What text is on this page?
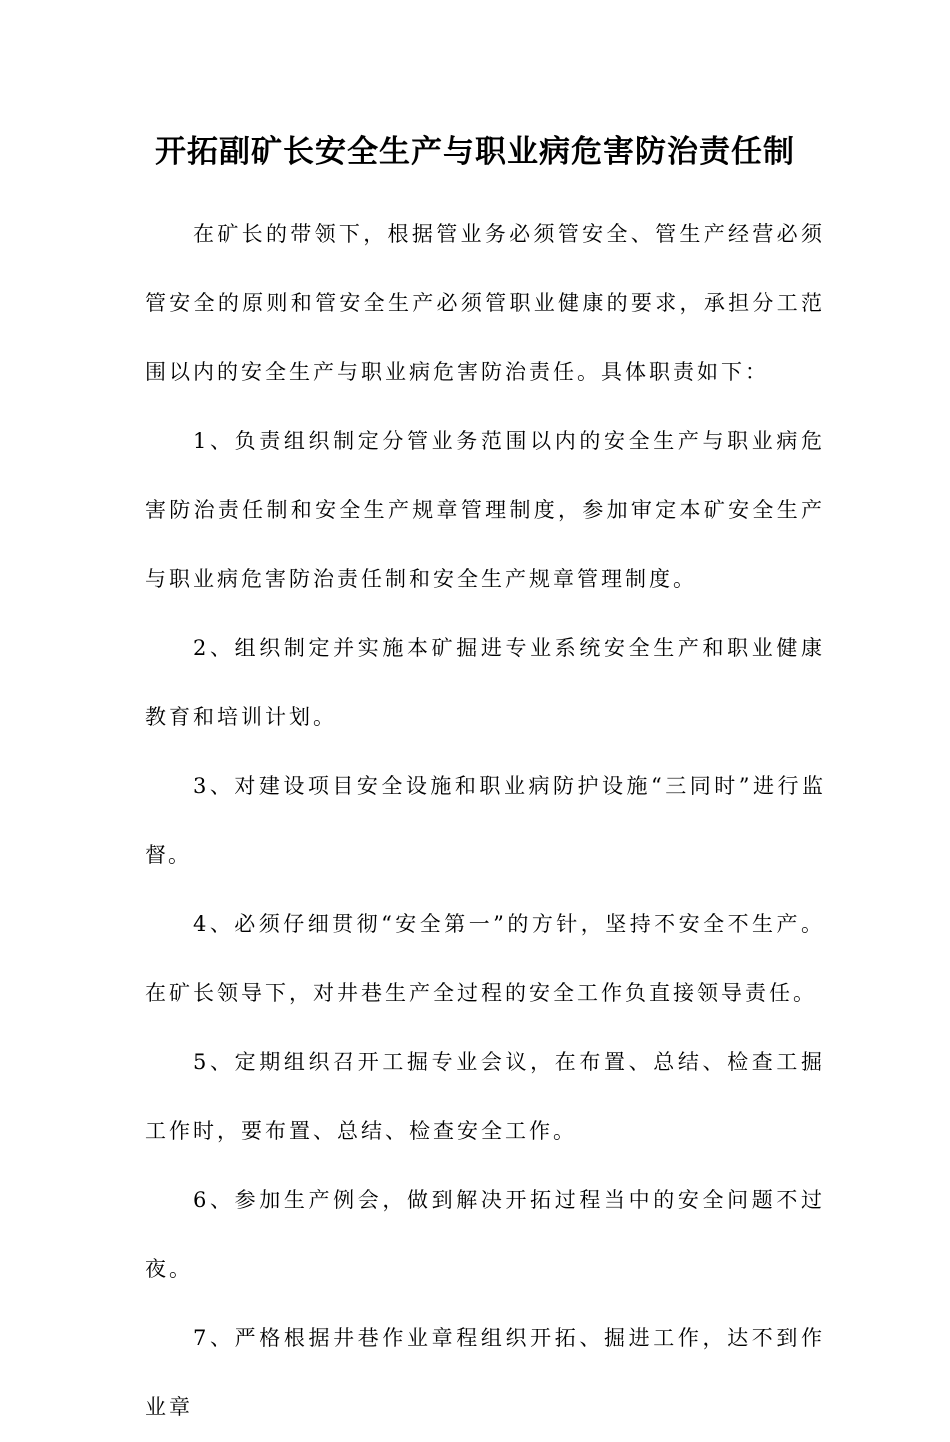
开拓副矿长安全生产与职业病危害防治责任制

在矿长的带领下，根据管业务必须管安全、管生产经营必须管安全的原则和管安全生产必须管职业健康的要求，承担分工范围以内的安全生产与职业病危害防治责任。具体职责如下：

1、负责组织制定分管业务范围以内的安全生产与职业病危害防治责任制和安全生产规章管理制度，参加审定本矿安全生产与职业病危害防治责任制和安全生产规章管理制度。

2、组织制定并实施本矿掘进专业系统安全生产和职业健康教育和培训计划。

3、对建设项目安全设施和职业病防护设施“三同时”进行监督。

4、必须仔细贯彻“安全第一”的方针，坚持不安全不生产。在矿长领导下，对井巷生产全过程的安全工作负直接领导责任。

5、定期组织召开工掘专业会议，在布置、总结、检查工掘工作时，要布置、总结、检查安全工作。

6、参加生产例会，做到解决开拓过程当中的安全问题不过夜。

7、严格根据井巷作业章程组织开拓、掘进工作，达不到作业章
